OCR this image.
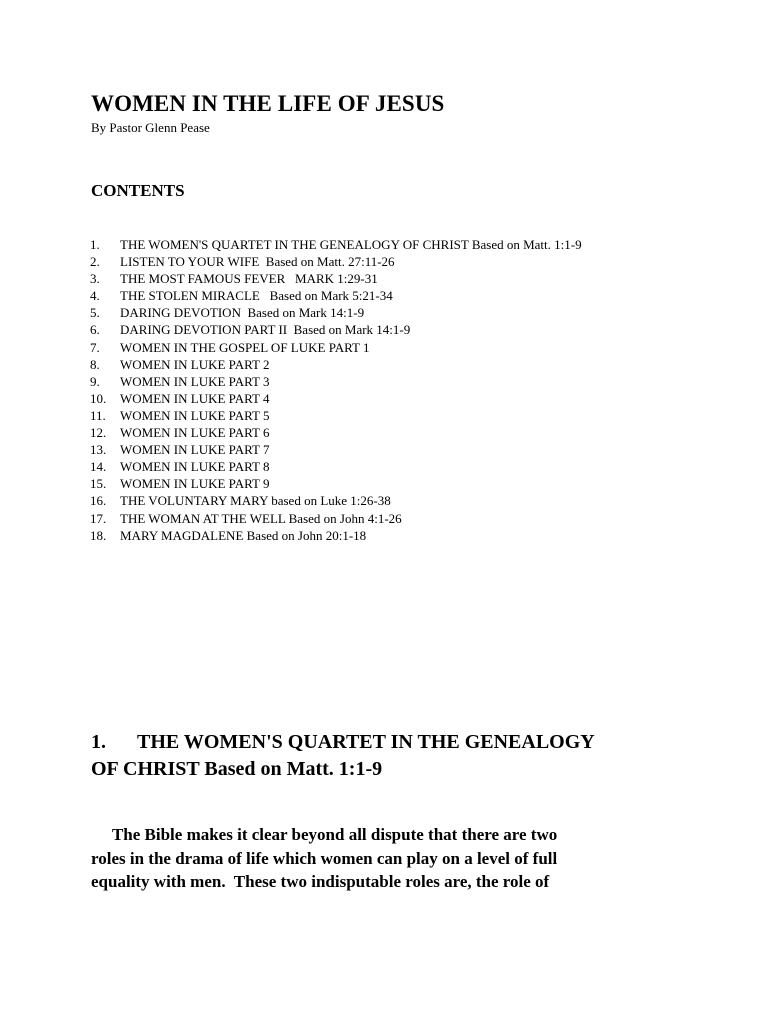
WOMEN IN THE LIFE OF JESUS
By Pastor Glenn Pease
CONTENTS
1.	THE WOMEN'S QUARTET IN THE GENEALOGY OF CHRIST Based on Matt. 1:1-9
2.	LISTEN TO YOUR WIFE  Based on Matt. 27:11-26
3.	THE MOST FAMOUS FEVER   MARK 1:29-31
4.	THE STOLEN MIRACLE   Based on Mark 5:21-34
5.	DARING DEVOTION  Based on Mark 14:1-9
6.	DARING DEVOTION PART II  Based on Mark 14:1-9
7.	WOMEN IN THE GOSPEL OF LUKE PART 1
8.	WOMEN IN LUKE PART 2
9.	WOMEN IN LUKE PART 3
10.	WOMEN IN LUKE PART 4
11.	WOMEN IN LUKE PART 5
12.	WOMEN IN LUKE PART 6
13.	WOMEN IN LUKE PART 7
14.	WOMEN IN LUKE PART 8
15.	WOMEN IN LUKE PART 9
16.	THE VOLUNTARY MARY based on Luke 1:26-38
17.	THE WOMAN AT THE WELL Based on John 4:1-26
18.	MARY MAGDALENE Based on John 20:1-18
1. THE WOMEN'S QUARTET IN THE GENEALOGY
OF CHRIST Based on Matt. 1:1-9

The Bible makes it clear beyond all dispute that there are two
roles in the drama of life which women can play on a level of full
equality with men.  These two indisputable roles are, the role of
